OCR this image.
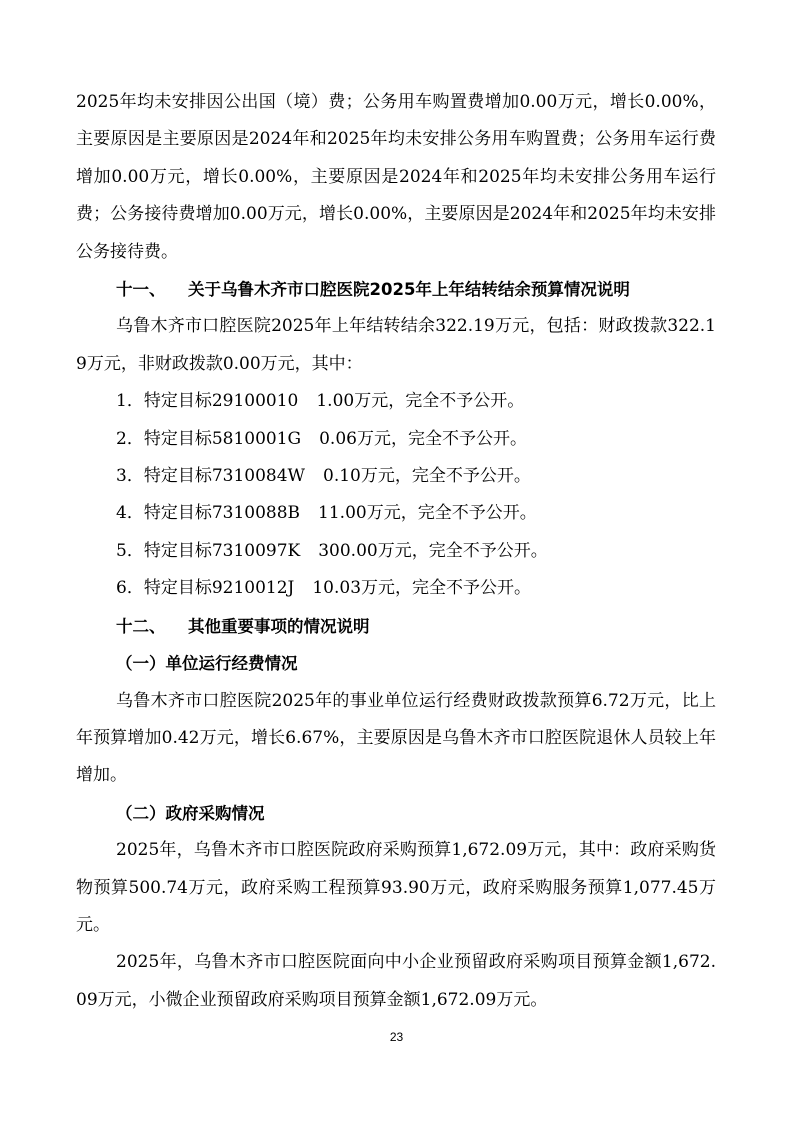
2025年均未安排因公出国（境）费；公务用车购置费增加0.00万元，增长0.00%，主要原因是主要原因是2024年和2025年均未安排公务用车购置费；公务用车运行费增加0.00万元，增长0.00%，主要原因是2024年和2025年均未安排公务用车运行费；公务接待费增加0.00万元，增长0.00%，主要原因是2024年和2025年均未安排公务接待费。

十一、 关于乌鲁木齐市口腔医院2025年上年结转结余预算情况说明

乌鲁木齐市口腔医院2025年上年结转结余322.19万元，包括：财政拨款322.19万元，非财政拨款0.00万元，其中：

1．特定目标29100010 1.00万元，完全不予公开。

2．特定目标5810001G 0.06万元，完全不予公开。

3．特定目标7310084W 0.10万元，完全不予公开。

4．特定目标7310088B 11.00万元，完全不予公开。

5．特定目标7310097K 300.00万元，完全不予公开。

6．特定目标9210012J 10.03万元，完全不予公开。

十二、 其他重要事项的情况说明

（一）单位运行经费情况

乌鲁木齐市口腔医院2025年的事业单位运行经费财政拨款预算6.72万元，比上年预算增加0.42万元，增长6.67%，主要原因是乌鲁木齐市口腔医院退休人员较上年增加。

（二）政府采购情况

2025年，乌鲁木齐市口腔医院政府采购预算1,672.09万元，其中：政府采购货物预算500.74万元，政府采购工程预算93.90万元，政府采购服务预算1,077.45万元。

2025年，乌鲁木齐市口腔医院面向中小企业预留政府采购项目预算金额1,672.09万元，小微企业预留政府采购项目预算金额1,672.09万元。

23
